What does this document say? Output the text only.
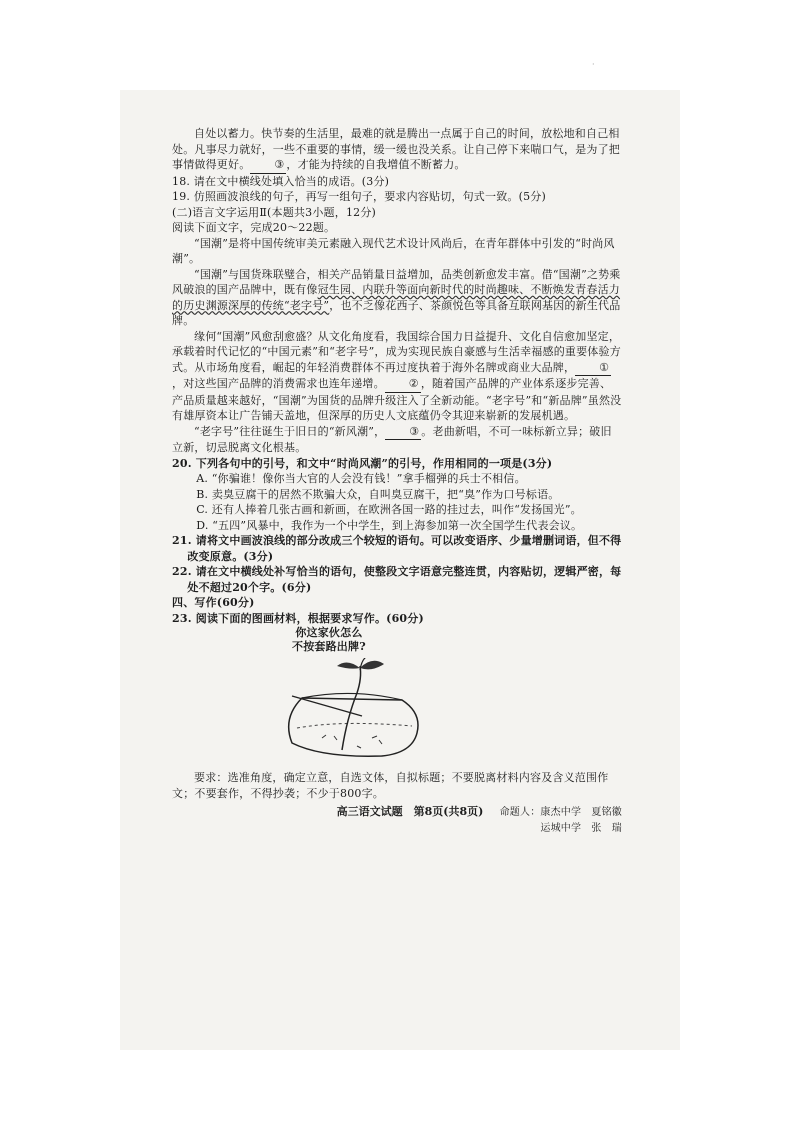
·

自处以蓄力。快节奏的生活里，最难的就是腾出一点属于自己的时间，放松地和自己相处。凡事尽力就好，一些不重要的事情，缓一缓也没关系。让自己停下来喘口气，是为了把事情做得更好。 ③ ，才能为持续的自我增值不断蓄力。

18. 请在文中横线处填入恰当的成语。(3分)

19. 仿照画波浪线的句子，再写一组句子，要求内容贴切，句式一致。(5分)

(二)语言文字运用Ⅱ(本题共3小题，12分)

阅读下面文字，完成20～22题。

“国潮”是将中国传统审美元素融入现代艺术设计风尚后，在青年群体中引发的“时尚风潮”。

“国潮”与国货珠联璧合，相关产品销量日益增加，品类创新愈发丰富。借“国潮”之势乘风破浪的国产品牌中，既有像冠生园、内联升等面向新时代的时尚趣味、不断焕发青春活力的历史渊源深厚的传统“老字号”，也不乏像花西子、茶颜悦色等具备互联网基因的新生代品牌。

缘何“国潮”风愈刮愈盛？从文化角度看，我国综合国力日益提升、文化自信愈加坚定，承载着时代记忆的“中国元素”和“老字号”，成为实现民族自豪感与生活幸福感的重要体验方式。从市场角度看，崛起的年轻消费群体不再过度执着于海外名牌或商业大品牌， ①，对这些国产品牌的消费需求也连年递增。 ② ，随着国产品牌的产业体系逐步完善、产品质量越来越好，“国潮”为国货的品牌升级注入了全新动能。“老字号”和“新品牌”虽然没有雄厚资本让广告铺天盖地，但深厚的历史人文底蕴仍令其迎来崭新的发展机遇。

“老字号”往往诞生于旧日的“新风潮”， ③ 。老曲新唱，不可一味标新立异；破旧立新，切忌脱离文化根基。

20. 下列各句中的引号，和文中“时尚风潮”的引号，作用相同的一项是(3分)

A. “你骗谁！像你当大官的人会没有钱！”拿手榴弹的兵士不相信。

B. 卖臭豆腐干的居然不欺骗大众，自叫臭豆腐干，把“臭”作为口号标语。

C. 还有人捧着几张古画和新画，在欧洲各国一路的挂过去，叫作“发扬国光”。

D. “五四”风暴中，我作为一个中学生，到上海参加第一次全国学生代表会议。

21. 请将文中画波浪线的部分改成三个较短的语句。可以改变语序、少量增删词语，但不得改变原意。(3分)

22. 请在文中横线处补写恰当的语句，使整段文字语意完整连贯，内容贴切，逻辑严密，每处不超过20个字。(6分)

四、写作(60分)

23. 阅读下面的图画材料，根据要求写作。(60分)

你这家伙怎么
不按套路出牌?

要求：选准角度，确定立意，自选文体，自拟标题；不要脱离材料内容及含义范围作文；不要套作，不得抄袭；不少于800字。

命题人：康杰中学　夏铭徽
运城中学　张　瑞
高三语文试题　第8页(共8页)
